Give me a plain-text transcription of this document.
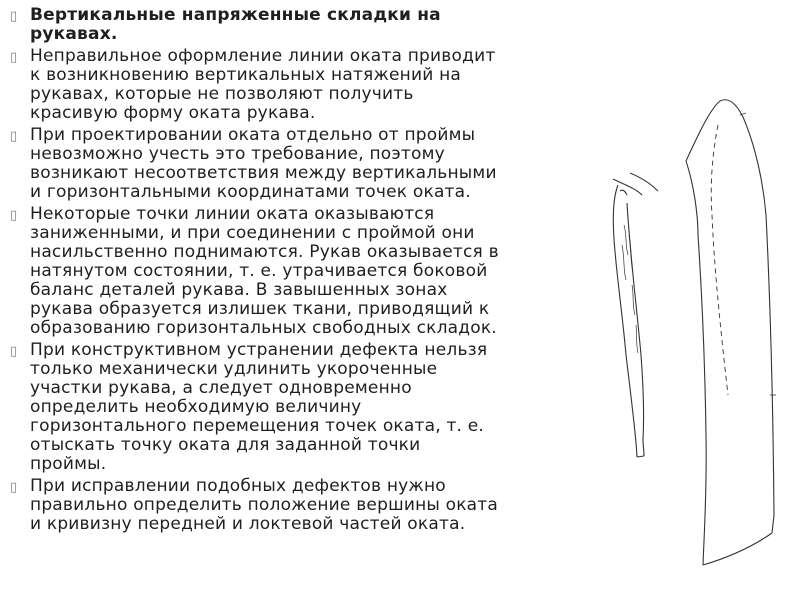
▯ Вертикальные напряженные складки на
рукавах.
▯ Неправильное оформление линии оката приводит
к возникновению вертикальных натяжений на
рукавах, которые не позволяют получить
красивую форму оката рукава.
▯ При проектировании оката отдельно от проймы
невозможно учесть это требование, поэтому
возникают несоответствия между вертикальными
и горизонтальными координатами точек оката.
▯ Некоторые точки линии оката оказываются
заниженными, и при соединении с проймой они
насильственно поднимаются. Рукав оказывается в
натянутом состоянии, т. е. утрачивается боковой
баланс деталей рукава. В завышенных зонах
рукава образуется излишек ткани, приводящий к
образованию горизонтальных свободных складок.
▯ При конструктивном устранении дефекта нельзя
только механически удлинить укороченные
участки рукава, а следует одновременно
определить необходимую величину
горизонтального перемещения точек оката, т. е.
отыскать точку оката для заданной точки
проймы.
▯ При исправлении подобных дефектов нужно
правильно определить положение вершины оката
и кривизну передней и локтевой частей оката.
